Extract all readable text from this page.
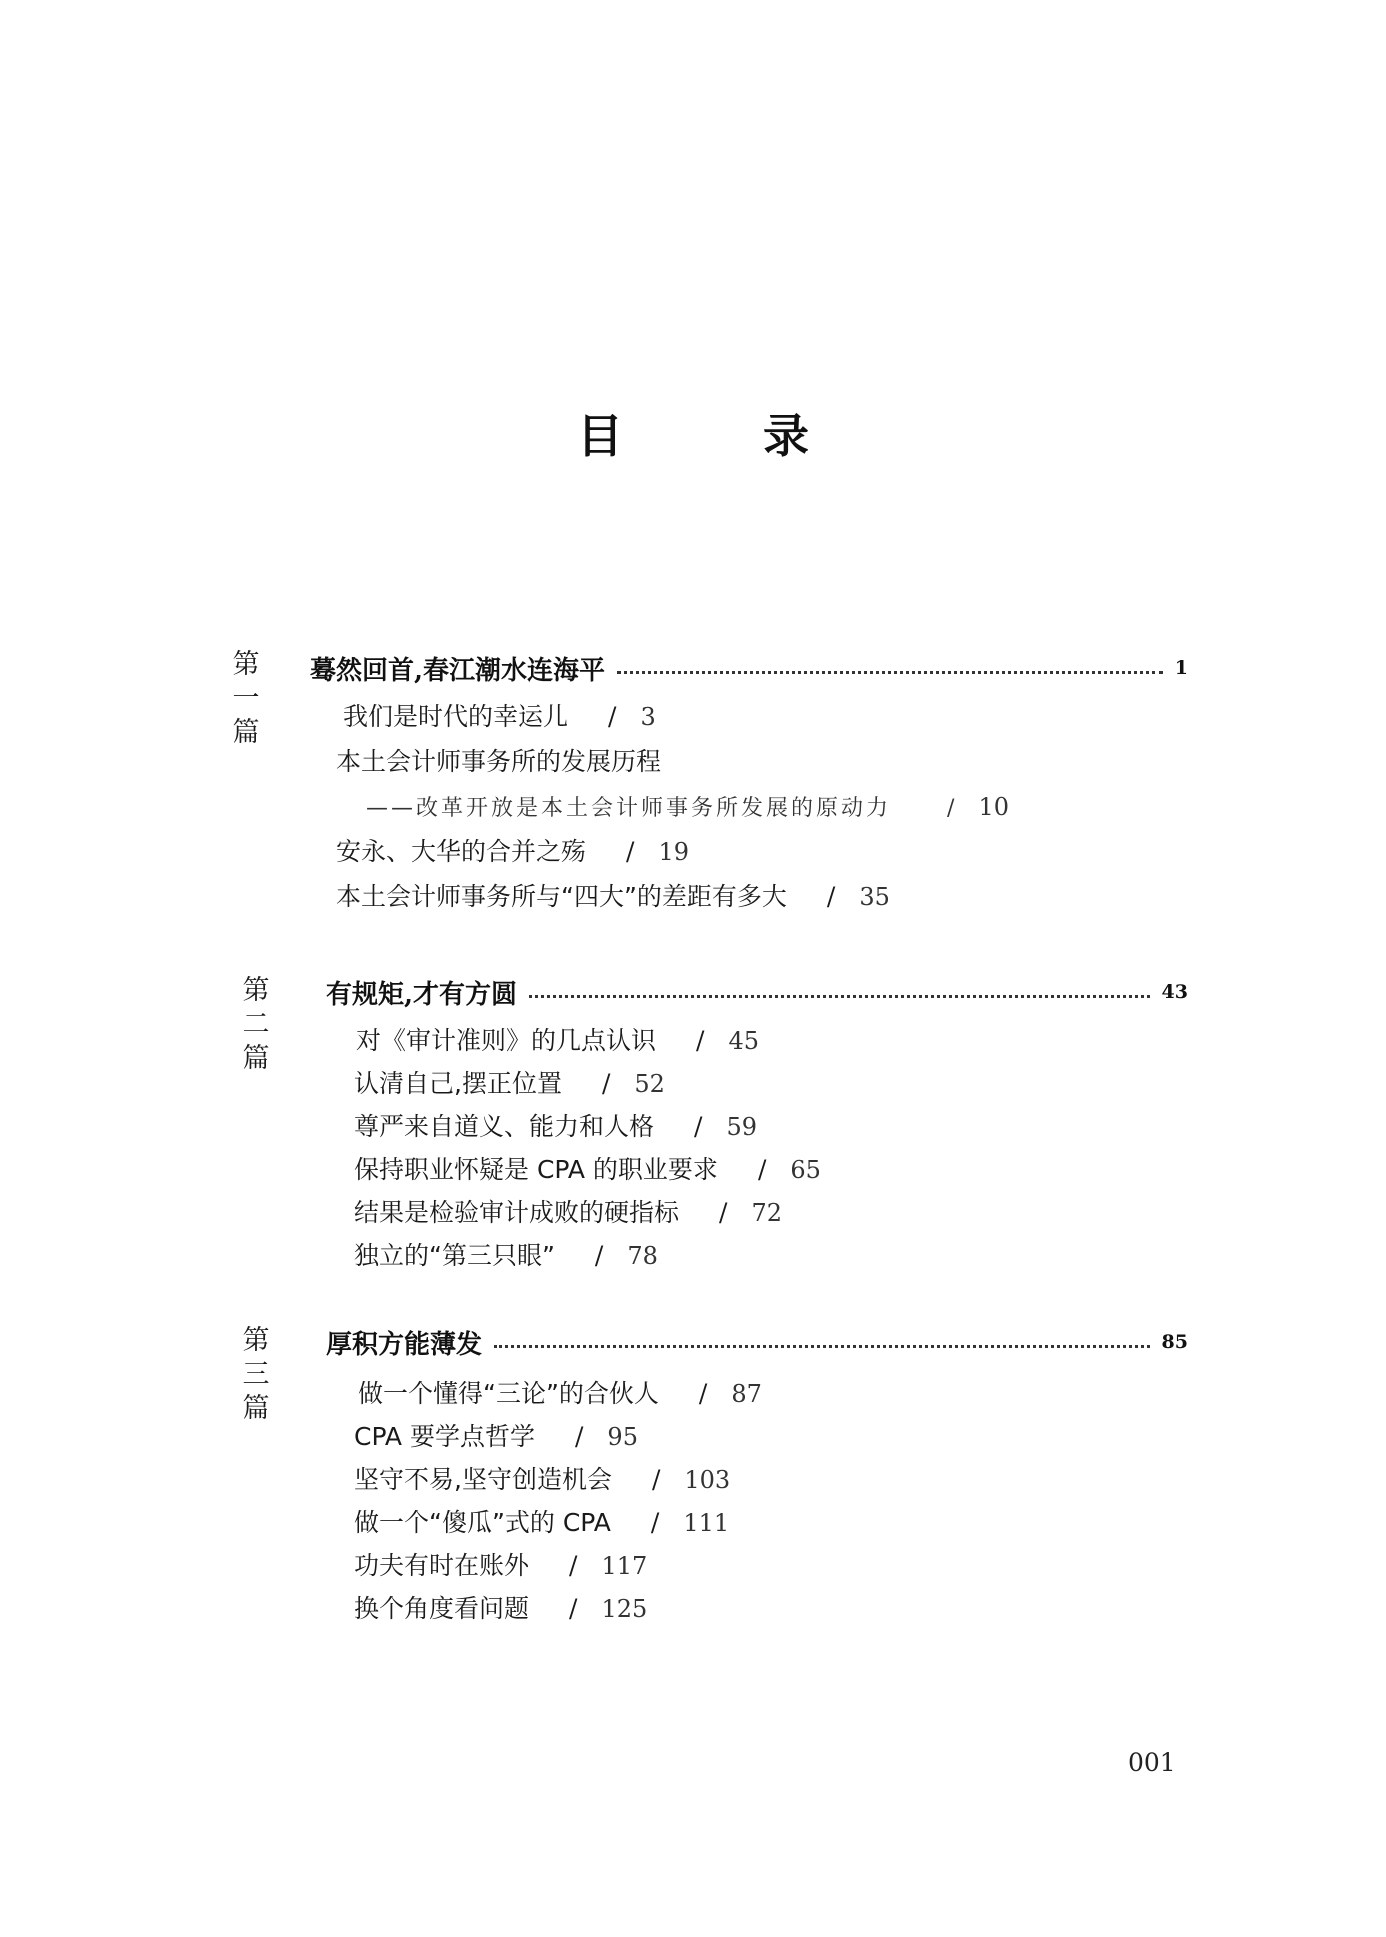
目 录
第
一
篇
蓦然回首,春江潮水连海平	1
我们是时代的幸运儿 / 3
本土会计师事务所的发展历程
——改革开放是本土会计师事务所发展的原动力	/ 10
安永、大华的合并之殇 / 19
本土会计师事务所与“四大”的差距有多大 / 35
第
二
篇
有规矩,才有方圆	43
对《审计准则》的几点认识 / 45
认清自己,摆正位置 / 52
尊严来自道义、能力和人格 / 59
保持职业怀疑是 CPA 的职业要求 / 65
结果是检验审计成败的硬指标 / 72
独立的“第三只眼” / 78
第
三
篇
厚积方能薄发	85
做一个懂得“三论”的合伙人 / 87
CPA 要学点哲学 / 95
坚守不易,坚守创造机会 / 103
做一个“傻瓜”式的 CPA / 111
功夫有时在账外 / 117
换个角度看问题 / 125
001
